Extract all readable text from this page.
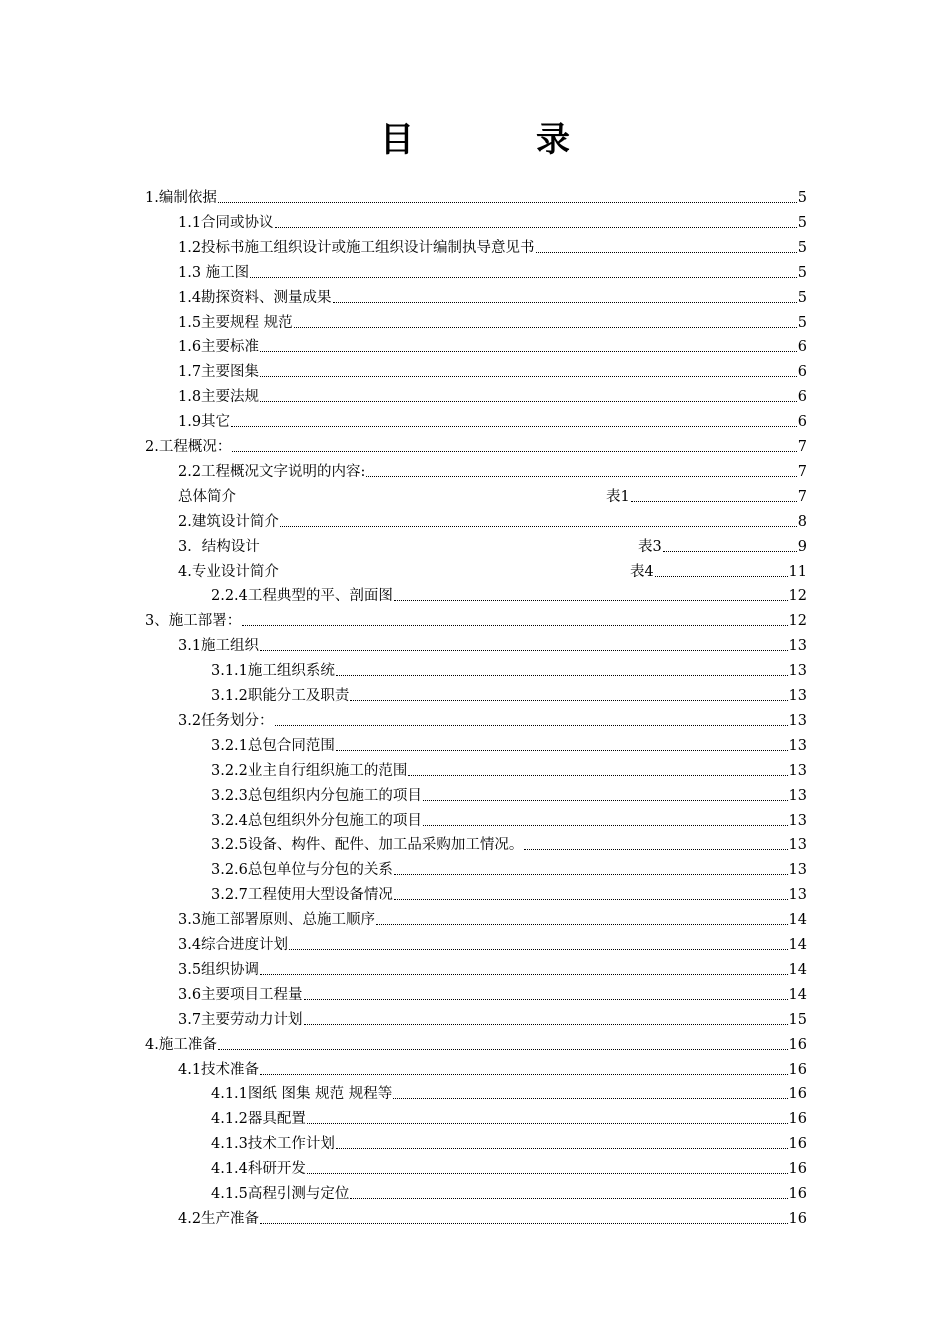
目　录
1.编制依据	5
1.1合同或协议	5
1.2投标书施工组织设计或施工组织设计编制执导意见书	5
1.3 施工图	5
1.4勘探资料、测量成果	5
1.5主要规程 规范	5
1.6主要标准	6
1.7主要图集	6
1.8主要法规	6
1.9其它	6
2.工程概况：	7
2.2工程概况文字说明的内容:	7
总体简介	表1	7
2.建筑设计简介	8
3．结构设计	表3	9
4.专业设计简介	表4	11
2.2.4工程典型的平、剖面图	12
3、施工部署：	12
3.1施工组织	13
3.1.1施工组织系统	13
3.1.2职能分工及职责	13
3.2任务划分：	13
3.2.1总包合同范围	13
3.2.2业主自行组织施工的范围	13
3.2.3总包组织内分包施工的项目	13
3.2.4总包组织外分包施工的项目	13
3.2.5设备、构件、配件、加工品采购加工情况。	13
3.2.6总包单位与分包的关系	13
3.2.7工程使用大型设备情况	13
3.3施工部署原则、总施工顺序	14
3.4综合进度计划	14
3.5组织协调	14
3.6主要项目工程量	14
3.7主要劳动力计划	15
4.施工准备	16
4.1技术准备	16
4.1.1图纸 图集 规范 规程等	16
4.1.2器具配置	16
4.1.3技术工作计划	16
4.1.4科研开发	16
4.1.5高程引测与定位	16
4.2生产准备	16
